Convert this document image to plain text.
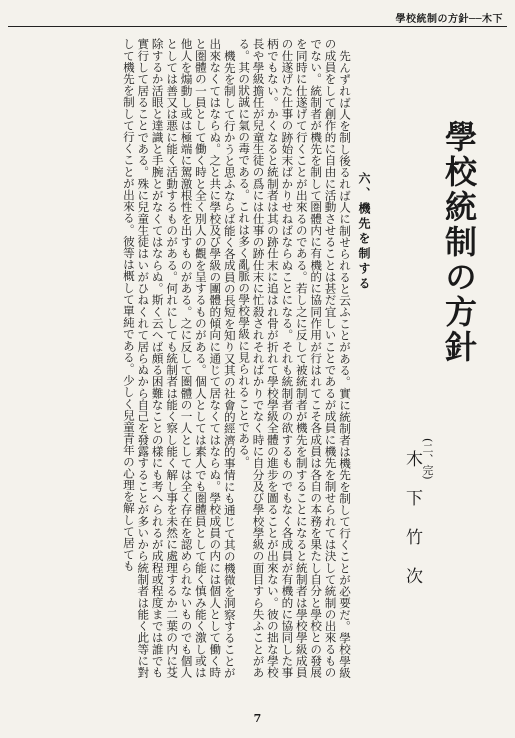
學校統制の方針──木下
學校統制の方針
(二、完)
木下竹次
六、機先を制する

先んずれば人を制し後るれば人に制せられると云ふことがある。實に統制者は機先を制して行くことが必要だ。學校學級の成員をして創作的に自由に活動させることは甚だ宜しいことであるが成員に機先を制せられては決して統制の出來るものでない。統制者が機先を制して圏體内に有機的に協同作用が行はれてこそ各成員は各自の本務を果たし自分と學校との發展を同時に仕遂げて行くことが出來るのである。若し之に反して被統制者が機先を制することになると統制者は學校學級成員の仕遂げた仕事の跡始末ばかりせねばならぬことになる。それも統制者の欲するものでもなく各成員が有機的に協同した事柄でもない。かくなると統制者は其の跡仕末に追はれ骨が折れて學校學級全體の進步を圖ることが出來ない。彼の拙な學校長や學級擔任が兒童生徒の爲には仕事の跡仕末に忙殺されそればかりでなく時に自分及び學校學級の面目すら失ふことがある。其の狀誠に氣の毒である。これは多く亂脈の學校學級に見られることである。

機先を制して行かうと思ふならば能く各成員の長短を知り又其の社會的經濟的事情にも通じて其の機微を洞察することが出來なくてはならぬ。之と共に學校及び學級の團體的傾向に通じて居なくてはならぬ。學校成員の内には個人として働く時と圏體の一員として働く時と全く別人の觀を呈するものがある。個人としては素人でも圏體員として能く慎み能く激し或は他人を煽動し或は極端に駕激根性を出すものがある。之に反して圏體の一人としては全く存在を認められないものでも個人としては善又は悪に能く活動するものがある。何れにしても統制者は能く察し能く解し事を未然に處理するか二葉の内に芟除するか活眼と達識と手腕とがなくてはならぬ。斯く云へば頗る困難なことの樣にも考へられるが成程或程度までは誰でも實行して居ることである。殊に兒童生徒はいがひねくれて居らぬから自己を發露することが多いから統制者は能く此等に對して機先を制して行くことが出來る。彼等は概して單純である。少しく兒童青年の心理を解して居ても

7
